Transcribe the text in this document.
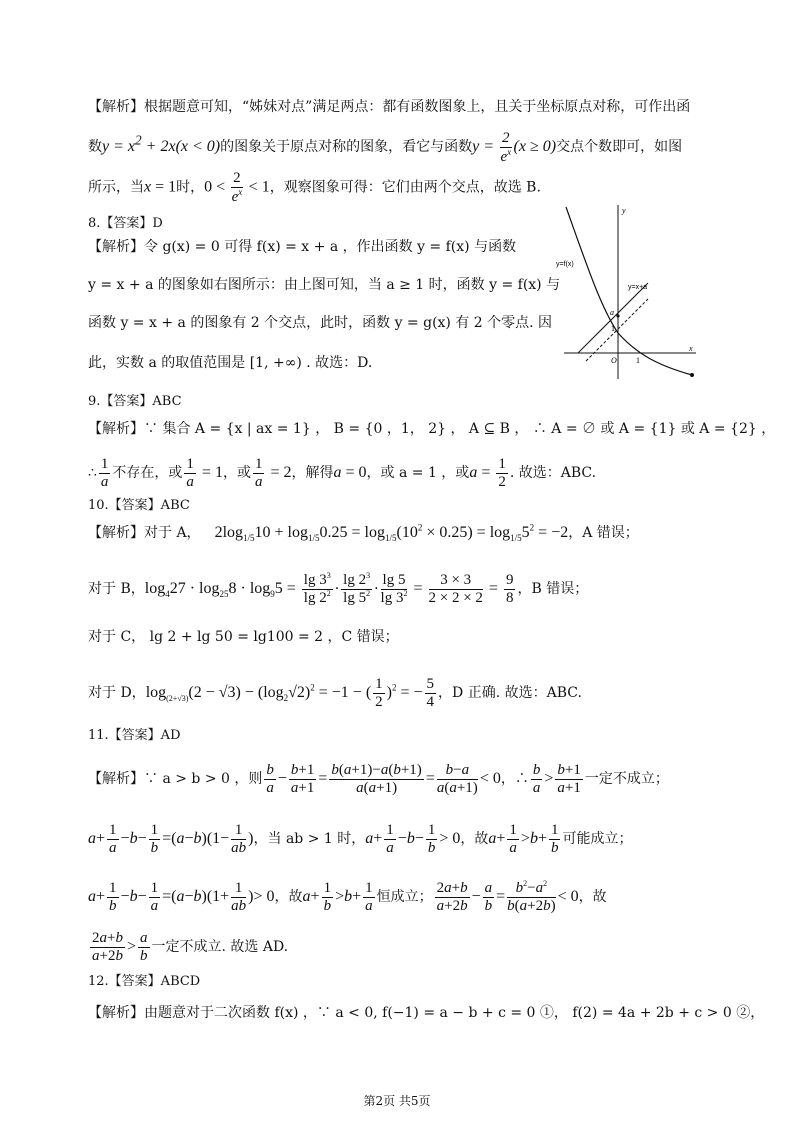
【解析】根据题意可知，“姊妹对点”满足两点：都有函数图象上，且关于坐标原点对称，可作出函
数$y = x^2 + 2x(x < 0)$的图象关于原点对称的图象，看它与函数$y = \frac{2}{e^x} (x \ge 0)$交点个数即可，如图
所示，当x = 1时，$0 < \frac{2}{e^x} < 1$，观察图象可得：它们由两个交点，故选 B.
8.【答案】D
【解析】令 g(x) = 0 可得 f(x) = x + a ，作出函数 y = f(x) 与函数
y = x + a 的图象如右图所示：由上图可知，当 a ≥ 1 时，函数 y = f(x) 与
函数 y = x + a 的图象有 2 个交点，此时，函数 y = g(x) 有 2 个零点. 因
此，实数 a 的取值范围是 [1, +∞) . 故选：D.
y
x
y=f(x)
y=x+a
O 1
a
1
9.【答案】ABC
【解析】∵ 集合 A = {x | ax = 1} ， B = {0 ，1， 2} ， A ⊆ B ， ∴ A = ∅ 或 A = {1} 或 A = {2} ，
∴ $\frac{1}{a}$ 不存在，或 $\frac{1}{a} = 1$，或 $\frac{1}{a} = 2$，解得a = 0，或 a = 1 ，或$a = \frac{1}{2}$ . 故选：ABC.
10.【答案】ABC
【解析】对于 A， $2\log_{1/5}10 + \log_{1/5}0.25 = \log_{1/5}(10^2 \times 0.25) = \log_{1/5}5^2 = -2$，A 错误；
对于 B，$\log_427 \cdot \log_{25}8 \cdot \log_95 = \frac{\lg 3^3}{\lg 2^2} \cdot \frac{\lg 2^3}{\lg 5^2} \cdot \frac{\lg 5}{\lg 3^2} = \frac{3 \times 3}{2 \times 2 \times 2} = \frac{9}{8}$ ，B 错误；
对于 C， lg 2 + lg 50 = lg100 = 2 ，C 错误；
对于 D，$\log_{(2+√3)}(2 - √3) - (\log_2√2)^2 = -1$ − ( $\frac{1}{2} )^2$ = − $\frac{5}{4}$ ，D 正确. 故选：ABC.
11.【答案】AD
【解析】∵ a > b > 0 ，则 $\frac{b}{a} - \frac{b+1}{a+1} = \frac{b(a+1)-a(b+1)}{a(a+1)} = \frac{b-a}{a(a+1)} < 0$，∴ $\frac{b}{a} > \frac{b+1}{a+1}$ 一定不成立；
$a+ \frac{1}{a} -b- \frac{1}{b} =(a-b)(1- \frac{1}{ab}$ )，当 ab > 1 时，$a+ \frac{1}{a} -b- \frac{1}{b} > 0$，故$a+ \frac{1}{a} >b+ \frac{1}{b}$ 可能成立；
$a+ \frac{1}{b} -b- \frac{1}{a} =(a-b)(1+ \frac{1}{ab}$ )> 0，故$a+ \frac{1}{b} >b+ \frac{1}{a}$ 恒成立； $\frac{2a+b}{a+2b} - \frac{a}{b} = \frac{b^2-a^2}{b(a+2b)} < 0$，故
$\frac{2a+b}{a+2b} > \frac{a}{b}$ 一定不成立. 故选 AD.
12.【答案】ABCD
【解析】由题意对于二次函数 f(x) ，∵ a < 0, f(−1) = a − b + c = 0 ①， f(2) = 4a + 2b + c > 0 ②，
第2页 共5页
